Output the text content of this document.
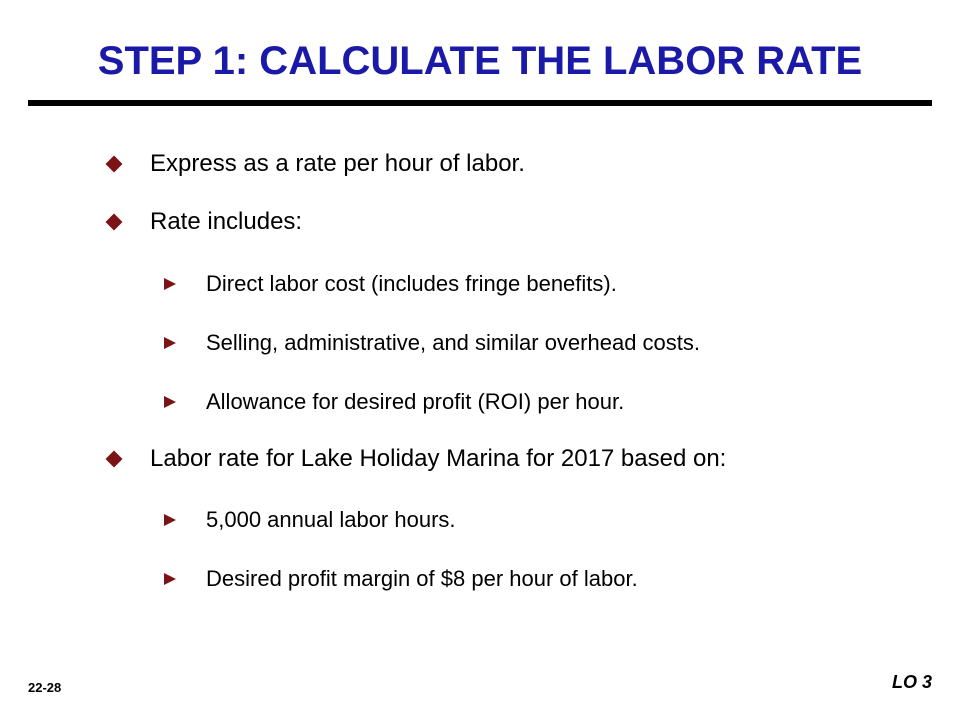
STEP 1: CALCULATE THE LABOR RATE
Express as a rate per hour of labor.
Rate includes:
Direct labor cost (includes fringe benefits).
Selling, administrative, and similar overhead costs.
Allowance for desired profit (ROI) per hour.
Labor rate for Lake Holiday Marina for 2017 based on:
5,000 annual labor hours.
Desired profit margin of $8 per hour of labor.
22-28	LO 3
